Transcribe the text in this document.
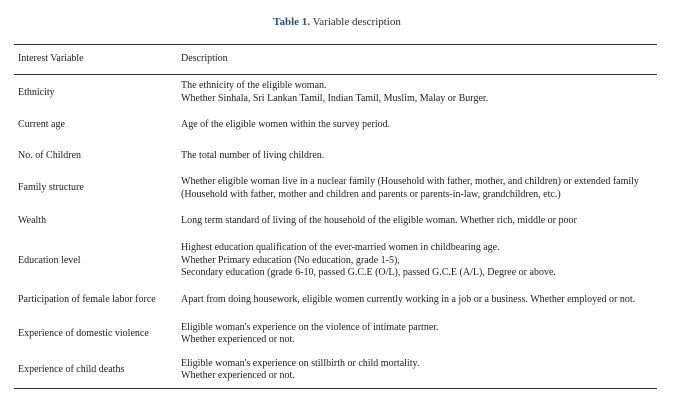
Table 1. Variable description
Interest Variable	Description
Ethnicity	The ethnicity of the eligible woman.
Whether Sinhala, Sri Lankan Tamil, Indian Tamil, Muslim, Malay or Burger.

Current age	Age of the eligible women within the survey period.

No. of Children	The total number of living children.

Family structure	Whether eligible woman live in a nuclear family (Household with father, mother, and children) or extended family (Household with father, mother and children and parents or parents-in-law, grandchildren, etc.)

Wealth	Long term standard of living of the household of the eligible woman. Whether rich, middle or poor

Education level	Highest education qualification of the ever-married women in childbearing age.
Whether Primary education (No education, grade 1-5),
Secondary education (grade 6-10, passed G.C.E (O/L), passed G.C.E (A/L), Degree or above.

Participation of female labor force	Apart from doing housework, eligible women currently working in a job or a business. Whether employed or not.

Experience of domestic violence	Eligible woman's experience on the violence of intimate partner.
Whether experienced or not.

Experience of child deaths	Eligible woman's experience on stillbirth or child mortality.
Whether experienced or not.
